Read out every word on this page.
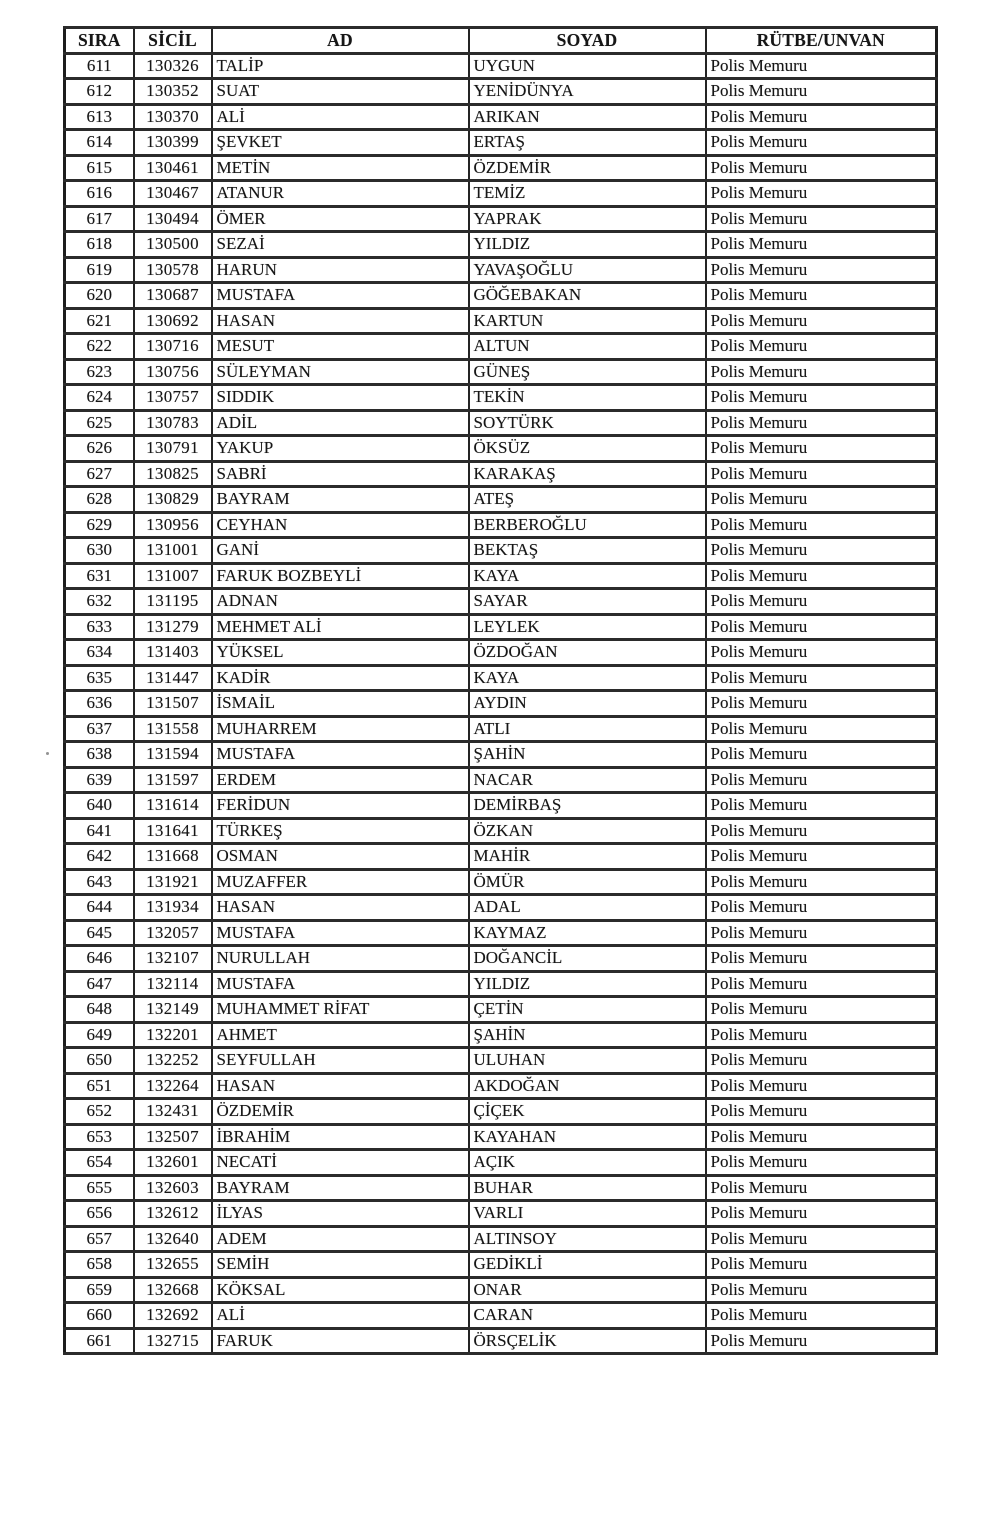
SIRA	SİCİL	AD	SOYAD	RÜTBE/UNVAN
611	130326	TALİP	UYGUN	Polis Memuru
612	130352	SUAT	YENİDÜNYA	Polis Memuru
613	130370	ALİ	ARIKAN	Polis Memuru
614	130399	ŞEVKET	ERTAŞ	Polis Memuru
615	130461	METİN	ÖZDEMİR	Polis Memuru
616	130467	ATANUR	TEMİZ	Polis Memuru
617	130494	ÖMER	YAPRAK	Polis Memuru
618	130500	SEZAİ	YILDIZ	Polis Memuru
619	130578	HARUN	YAVAŞOĞLU	Polis Memuru
620	130687	MUSTAFA	GÖĞEBAKAN	Polis Memuru
621	130692	HASAN	KARTUN	Polis Memuru
622	130716	MESUT	ALTUN	Polis Memuru
623	130756	SÜLEYMAN	GÜNEŞ	Polis Memuru
624	130757	SIDDIK	TEKİN	Polis Memuru
625	130783	ADİL	SOYTÜRK	Polis Memuru
626	130791	YAKUP	ÖKSÜZ	Polis Memuru
627	130825	SABRİ	KARAKAŞ	Polis Memuru
628	130829	BAYRAM	ATEŞ	Polis Memuru
629	130956	CEYHAN	BERBEROĞLU	Polis Memuru
630	131001	GANİ	BEKTAŞ	Polis Memuru
631	131007	FARUK BOZBEYLİ	KAYA	Polis Memuru
632	131195	ADNAN	SAYAR	Polis Memuru
633	131279	MEHMET ALİ	LEYLEK	Polis Memuru
634	131403	YÜKSEL	ÖZDOĞAN	Polis Memuru
635	131447	KADİR	KAYA	Polis Memuru
636	131507	İSMAİL	AYDIN	Polis Memuru
637	131558	MUHARREM	ATLI	Polis Memuru
638	131594	MUSTAFA	ŞAHİN	Polis Memuru
639	131597	ERDEM	NACAR	Polis Memuru
640	131614	FERİDUN	DEMİRBAŞ	Polis Memuru
641	131641	TÜRKEŞ	ÖZKAN	Polis Memuru
642	131668	OSMAN	MAHİR	Polis Memuru
643	131921	MUZAFFER	ÖMÜR	Polis Memuru
644	131934	HASAN	ADAL	Polis Memuru
645	132057	MUSTAFA	KAYMAZ	Polis Memuru
646	132107	NURULLAH	DOĞANCİL	Polis Memuru
647	132114	MUSTAFA	YILDIZ	Polis Memuru
648	132149	MUHAMMET RİFAT	ÇETİN	Polis Memuru
649	132201	AHMET	ŞAHİN	Polis Memuru
650	132252	SEYFULLAH	ULUHAN	Polis Memuru
651	132264	HASAN	AKDOĞAN	Polis Memuru
652	132431	ÖZDEMİR	ÇİÇEK	Polis Memuru
653	132507	İBRAHİM	KAYAHAN	Polis Memuru
654	132601	NECATİ	AÇIK	Polis Memuru
655	132603	BAYRAM	BUHAR	Polis Memuru
656	132612	İLYAS	VARLI	Polis Memuru
657	132640	ADEM	ALTINSOY	Polis Memuru
658	132655	SEMİH	GEDİKLİ	Polis Memuru
659	132668	KÖKSAL	ONAR	Polis Memuru
660	132692	ALİ	CARAN	Polis Memuru
661	132715	FARUK	ÖRSÇELİK	Polis Memuru
